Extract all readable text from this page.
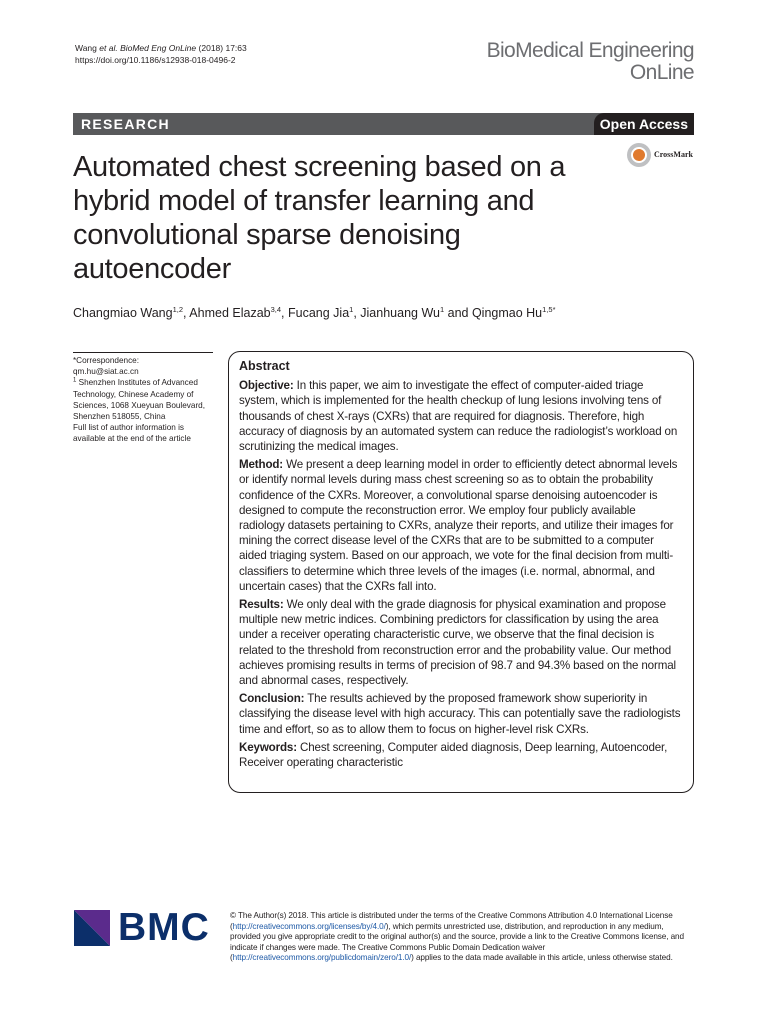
Wang et al. BioMed Eng OnLine (2018) 17:63
https://doi.org/10.1186/s12938-018-0496-2	BioMedical Engineering
OnLine
RESEARCH	Open Access
CrossMark
Automated chest screening based on a hybrid model of transfer learning and convolutional sparse denoising autoencoder
Changmiao Wang$^{1,2}$, Ahmed Elazab$^{3,4}$, Fucang Jia$^1$, Jianhuang Wu$^1$ and Qingmao $Hu^{1,5*}$
*Correspondence:
qm.hu@siat.ac.cn
$^1$ Shenzhen Institutes of Advanced Technology, Chinese Academy of Sciences, 1068 Xueyuan Boulevard, Shenzhen 518055, China
Full list of author information is available at the end of the article
Abstract

Objective: In this paper, we aim to investigate the effect of computer-aided triage system, which is implemented for the health checkup of lung lesions involving tens of thousands of chest X-rays (CXRs) that are required for diagnosis. Therefore, high accuracy of diagnosis by an automated system can reduce the radiologist’s workload on scrutinizing the medical images.

Method: We present a deep learning model in order to efficiently detect abnormal levels or identify normal levels during mass chest screening so as to obtain the probability confidence of the CXRs. Moreover, a convolutional sparse denoising autoencoder is designed to compute the reconstruction error. We employ four publicly available radiology datasets pertaining to CXRs, analyze their reports, and utilize their images for mining the correct disease level of the CXRs that are to be submitted to a computer aided triaging system. Based on our approach, we vote for the final decision from multi-classifiers to determine which three levels of the images (i.e. normal, abnormal, and uncertain cases) that the CXRs fall into.

Results: We only deal with the grade diagnosis for physical examination and propose multiple new metric indices. Combining predictors for classification by using the area under a receiver operating characteristic curve, we observe that the final decision is related to the threshold from reconstruction error and the probability value. Our method achieves promising results in terms of precision of 98.7 and 94.3% based on the normal and abnormal cases, respectively.

Conclusion: The results achieved by the proposed framework show superiority in classifying the disease level with high accuracy. This can potentially save the radiologists time and effort, so as to allow them to focus on higher-level risk CXRs.

Keywords: Chest screening, Computer aided diagnosis, Deep learning, Autoencoder, Receiver operating characteristic

BMC © The Author(s) 2018. This article is distributed under the terms of the Creative Commons Attribution 4.0 International License (http://creativecommons.org/licenses/by/4.0/), which permits unrestricted use, distribution, and reproduction in any medium, provided you give appropriate credit to the original author(s) and the source, provide a link to the Creative Commons license, and indicate if changes were made. The Creative Commons Public Domain Dedication waiver (http://creativecommons.org/publicdomain/zero/1.0/) applies to the data made available in this article, unless otherwise stated.
